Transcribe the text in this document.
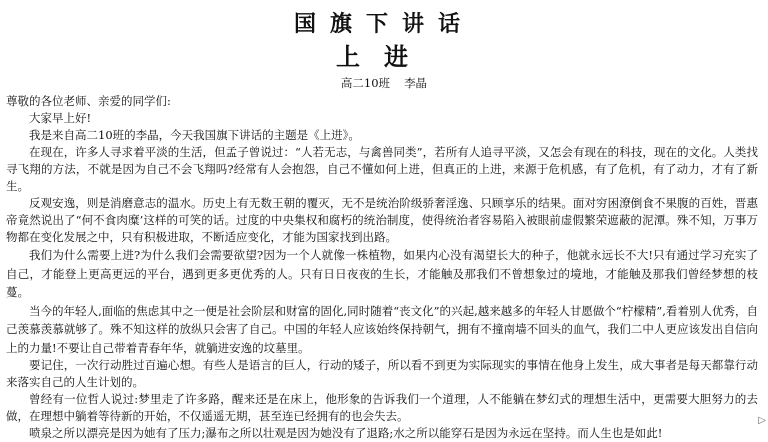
国旗下讲话
上进
高二10班 李晶

尊敬的各位老师、亲爱的同学们:

大家早上好!

我是来自高二10班的李晶，今天我国旗下讲话的主题是《上进》。

在现在，许多人寻求着平淡的生活，但孟子曾说过：“人若无志，与禽兽同类”，若所有人追寻平淡，又怎会有现在的科技，现在的文化。人类找寻飞翔的方法，不就是因为自己不会飞翔吗?经常有人会抱怨，自己不懂如何上进，但真正的上进，来源于危机感，有了危机，有了动力，才有了新生。

反观安逸，则是消磨意志的温水。历史上有无数王朝的覆灭，无不是统治阶级骄奢淫逸、只顾享乐的结果。面对穷困潦倒食不果腹的百姓，晋惠帝竟然说出了“何不食肉糜’这样的可笑的话。过度的中央集权和腐朽的统治制度，使得统治者容易陷入被眼前虚假繁荣遮蔽的泥潭。殊不知，万事万物都在变化发展之中，只有积极进取，不断适应变化，才能为国家找到出路。

我们为什么需要上进?为什么我们会需要欲望?因为一个人就像一株植物，如果内心没有渴望长大的种子，他就永远长不大!只有通过学习充实了自己，才能登上更高更远的平台，遇到更多更优秀的人。只有日日夜夜的生长，才能触及那我们不曾想象过的境地，才能触及那我们曾经梦想的枝蔓。

当今的年轻人,面临的焦虑其中之一便是社会阶层和财富的固化,同时随着“丧文化”的兴起,越来越多的年轻人甘愿做个“柠檬精”,看着别人优秀，自己羡慕羡慕就够了。殊不知这样的放纵只会害了自己。中国的年轻人应该始终保持朝气，拥有不撞南墙不回头的血气，我们二中人更应该发出自信向上的力量!不要让自己带着青春年华，就躺进安逸的坟墓里。

要记住，一次行动胜过百遍心想。有些人是语言的巨人，行动的矮子，所以看不到更为实际现实的事情在他身上发生，成大事者是每天都靠行动来落实自己的人生计划的。

曾经有一位哲人说过:梦里走了许多路，醒来还是在床上，他形象的告诉我们一个道理，人不能躺在梦幻式的理想生活中，更需要大胆努力的去做，在理想中躺着等待新的开始，不仅遥遥无期，甚至连已经拥有的也会失去。

喷泉之所以漂亮是因为她有了压力;瀑布之所以壮观是因为她没有了退路;水之所以能穿石是因为永远在坚持。而人生也是如此!

▷
